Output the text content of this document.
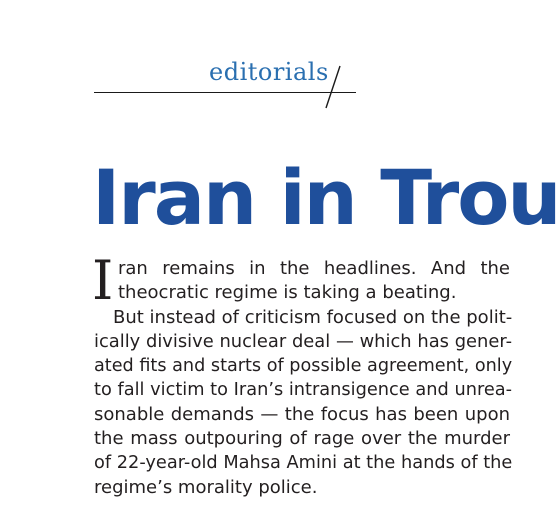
editorials
Iran in Trou
I ran remains in the headlines. And the
theocratic regime is taking a beating.
But instead of criticism focused on the polit-
ically divisive nuclear deal — which has gener-
ated fits and starts of possible agreement, only
to fall victim to Iran’s intransigence and unrea-
sonable demands — the focus has been upon
the mass outpouring of rage over the murder
of 22-year-old Mahsa Amini at the hands of the
regime’s morality police.
